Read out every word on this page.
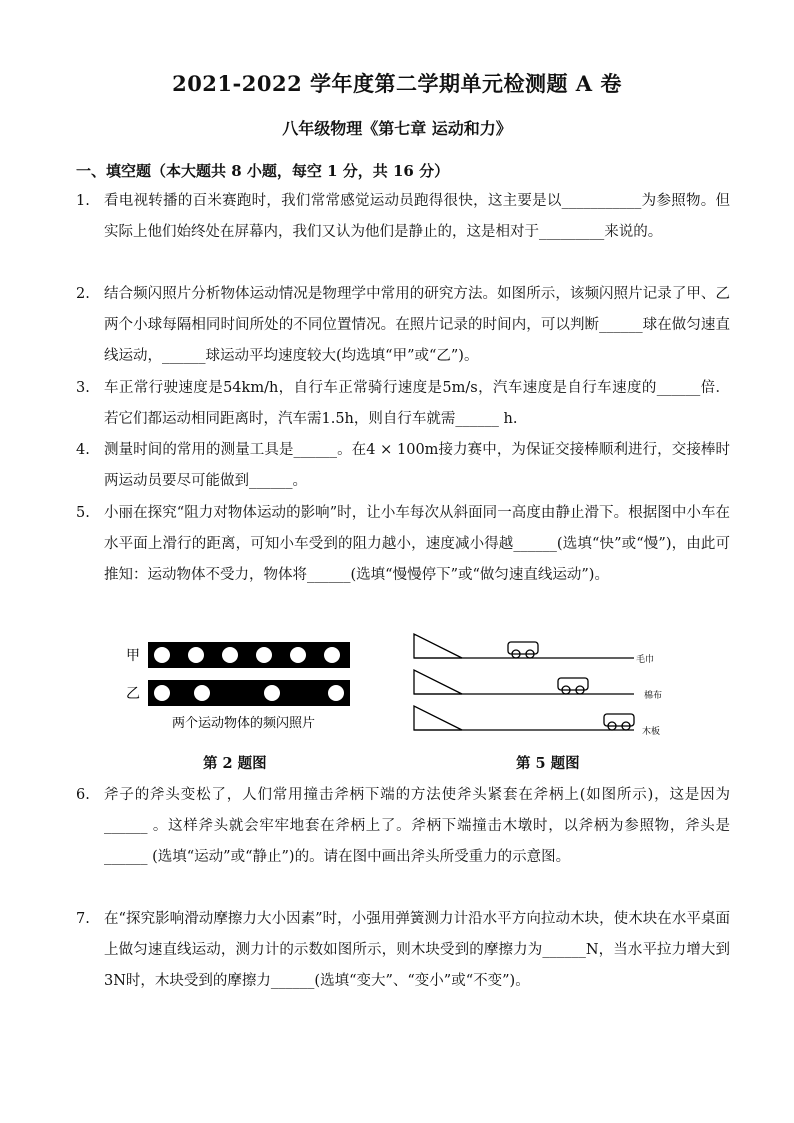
2021-2022 学年度第二学期单元检测题 A 卷
八年级物理《第七章 运动和力》
一、填空题（本大题共 8 小题，每空 1 分，共 16 分）
1. 看电视转播的百米赛跑时，我们常常感觉运动员跑得很快，这主要是以___________为参照物。但实际上他们始终处在屏幕内，我们又认为他们是静止的，这是相对于_________来说的。
2. 结合频闪照片分析物体运动情况是物理学中常用的研究方法。如图所示，该频闪照片记录了甲、乙两个小球每隔相同时间所处的不同位置情况。在照片记录的时间内，可以判断______球在做匀速直线运动，______球运动平均速度较大(均选填“甲”或“乙”)。
3. 车正常行驶速度是54km/h，自行车正常骑行速度是5m/s，汽车速度是自行车速度的______倍．若它们都运动相同距离时，汽车需1.5h，则自行车就需______ h.
4. 测量时间的常用的测量工具是______。在4 × 100m接力赛中，为保证交接棒顺利进行，交接棒时两运动员要尽可能做到______。
5. 小丽在探究“阻力对物体运动的影响”时，让小车每次从斜面同一高度由静止滑下。根据图中小车在水平面上滑行的距离，可知小车受到的阻力越小，速度减小得越______(选填“快”或“慢”)，由此可推知：运动物体不受力，物体将______(选填“慢慢停下”或“做匀速直线运动”)。
甲
乙
两个运动物体的频闪照片
第 2 题图
毛巾
棉布
木板
第 5 题图
6. 斧子的斧头变松了，人们常用撞击斧柄下端的方法使斧头紧套在斧柄上(如图所示)，这是因为______ 。这样斧头就会牢牢地套在斧柄上了。斧柄下端撞击木墩时，以斧柄为参照物，斧头是______ (选填“运动”或“静止”)的。请在图中画出斧头所受重力的示意图。
7. 在“探究影响滑动摩擦力大小因素”时，小强用弹簧测力计沿水平方向拉动木块，使木块在水平桌面上做匀速直线运动，测力计的示数如图所示，则木块受到的摩擦力为______N，当水平拉力增大到3N时，木块受到的摩擦力______(选填“变大”、“变小”或“不变”)。
